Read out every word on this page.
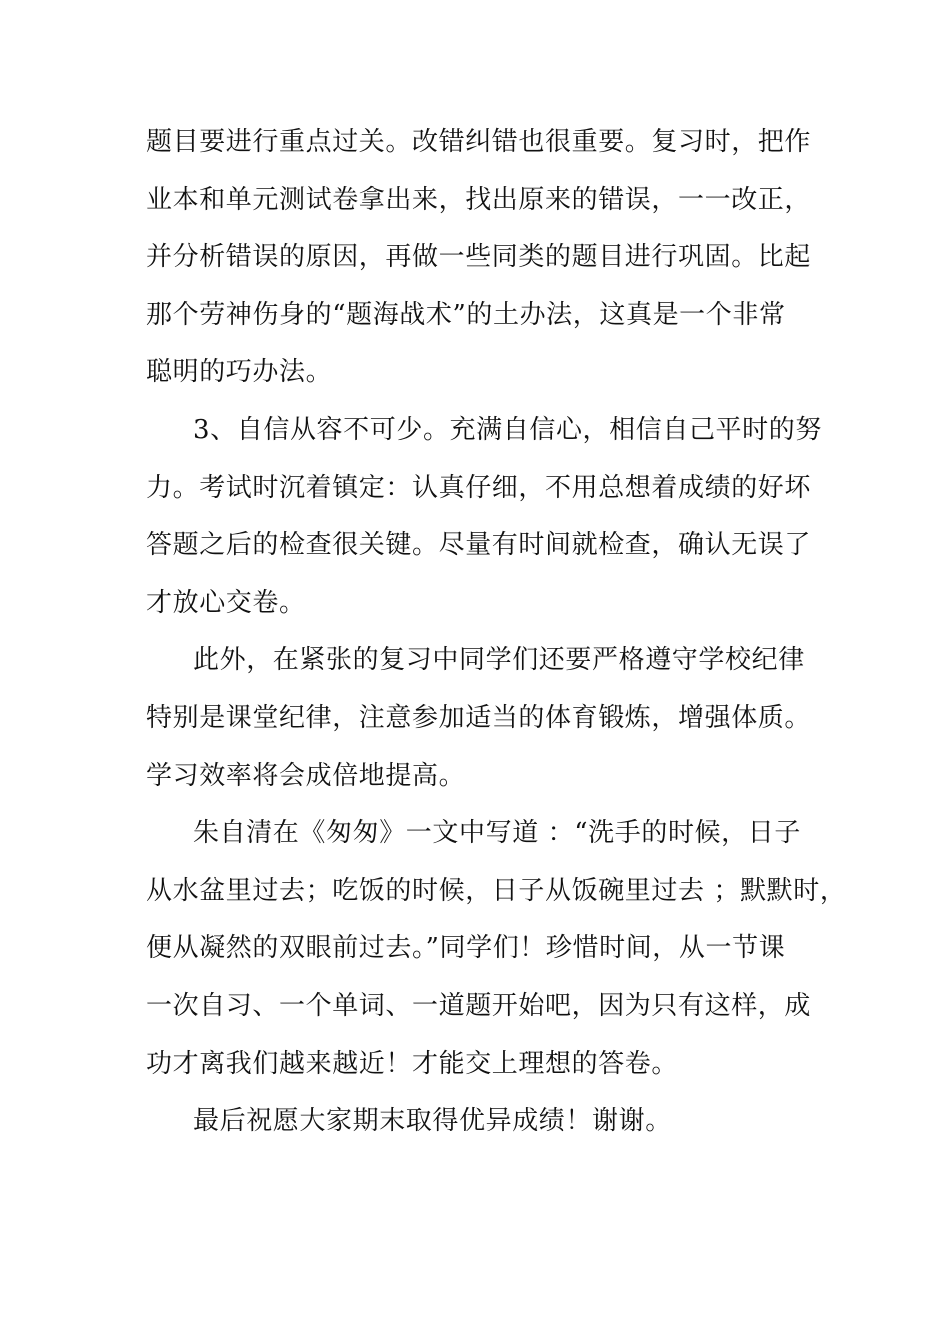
题目要进行重点过关。改错纠错也很重要。复习时，把作
业本和单元测试卷拿出来，找出原来的错误，一一改正，
并分析错误的原因，再做一些同类的题目进行巩固。比起
那个劳神伤身的“题海战术”的土办法，这真是一个非常
聪明的巧办法。
3、自信从容不可少。充满自信心，相信自己平时的努
力。考试时沉着镇定：认真仔细，不用总想着成绩的好坏
答题之后的检查很关键。尽量有时间就检查，确认无误了
才放心交卷。
此外，在紧张的复习中同学们还要严格遵守学校纪律
特别是课堂纪律，注意参加适当的体育锻炼，增强体质。
学习效率将会成倍地提高。
朱自清在《匆匆》一文中写道 ：“洗手的时候，日子
从水盆里过去；吃饭的时候，日子从饭碗里过去 ；默默时，
便从凝然的双眼前过去。”同学们！珍惜时间，从一节课
一次自习、一个单词、一道题开始吧，因为只有这样，成
功才离我们越来越近！才能交上理想的答卷。
最后祝愿大家期末取得优异成绩！谢谢。
